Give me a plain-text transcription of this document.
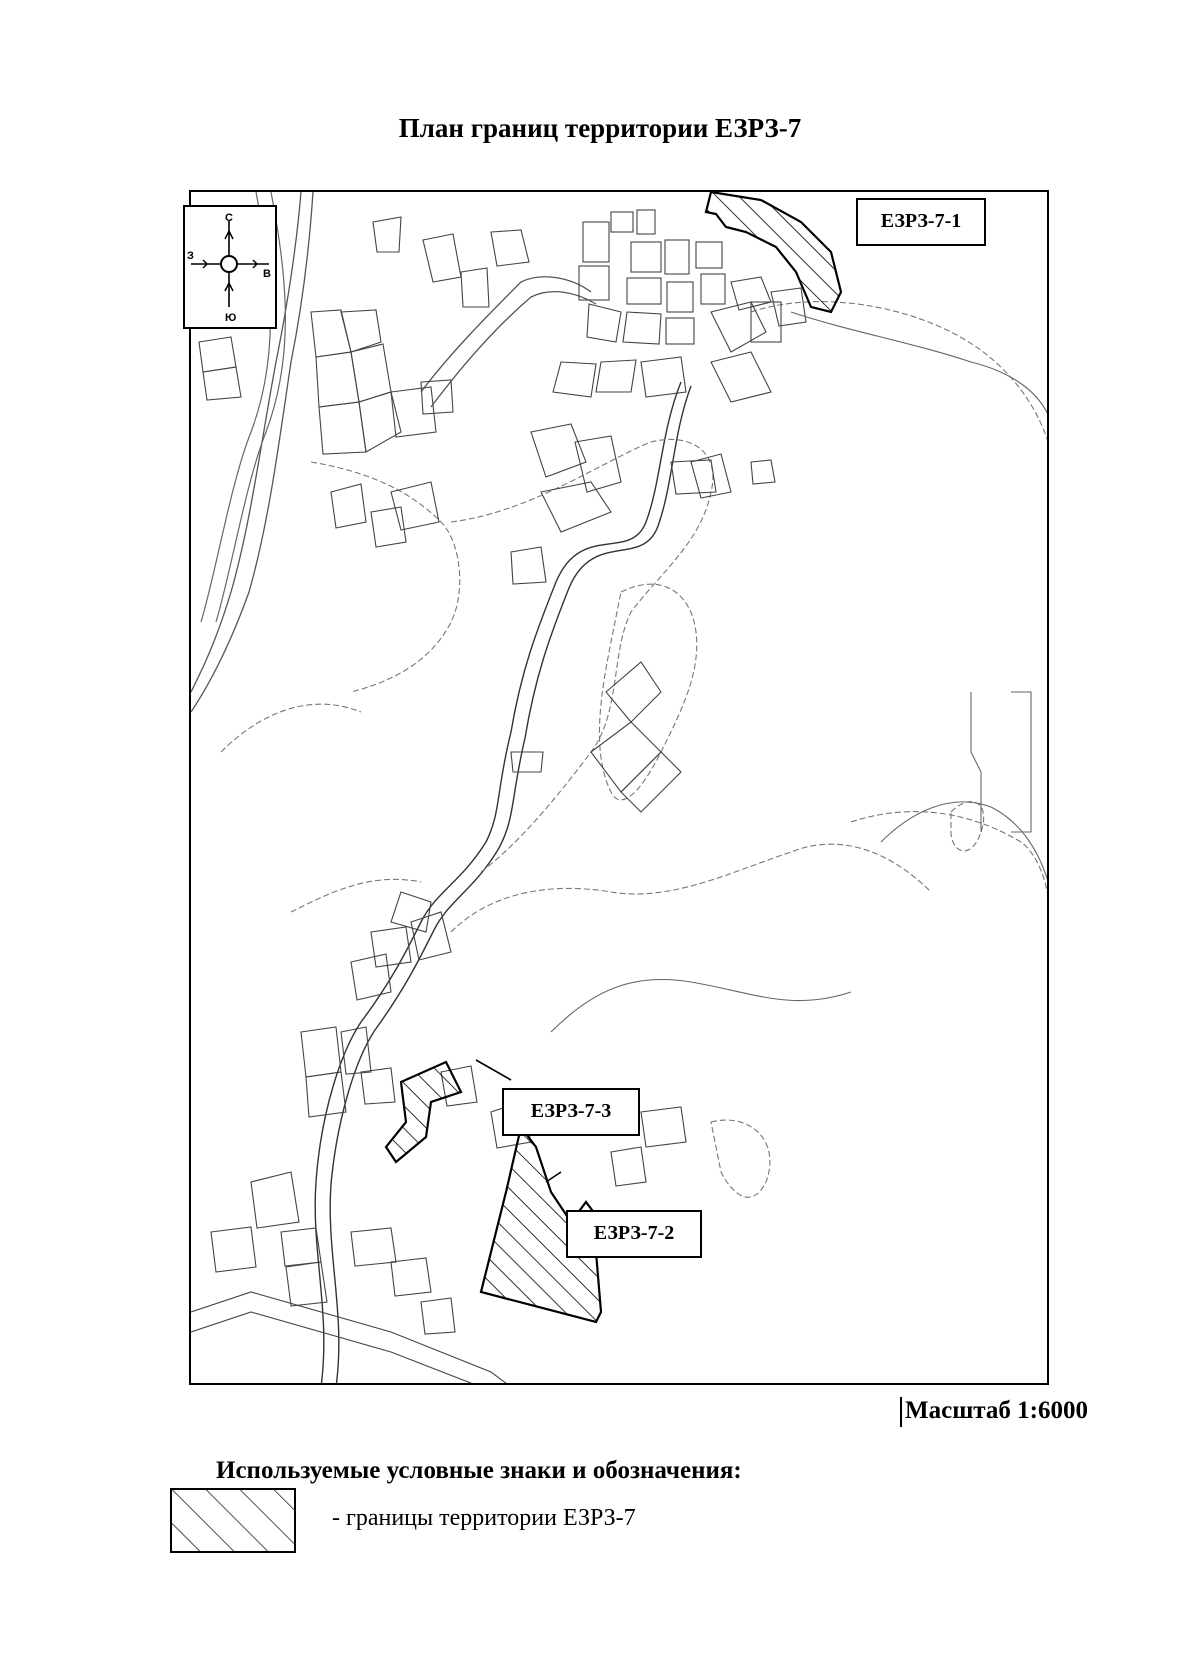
План границ территории ЕЗРЗ-7
С
Ю
З
В
ЕЗРЗ-7-1
ЕЗРЗ-7-3
ЕЗРЗ-7-2
Масштаб 1:6000
Используемые условные знаки и обозначения:
- границы территории ЕЗРЗ-7
